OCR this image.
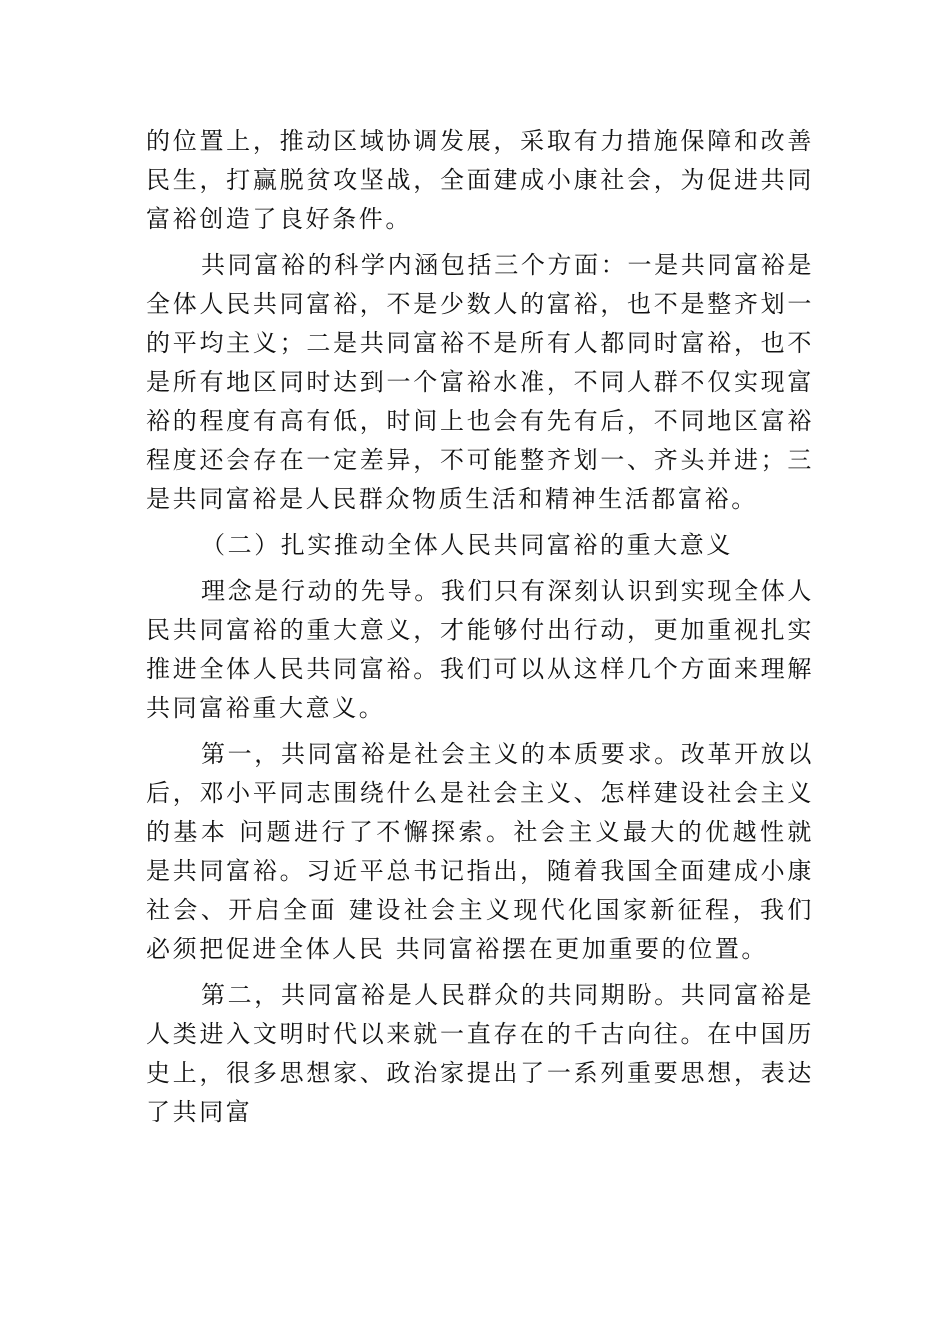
的位置上，推动区域协调发展，采取有力措施保障和改善民生，打赢脱贫攻坚战，全面建成小康社会，为促进共同富裕创造了良好条件。

共同富裕的科学内涵包括三个方面：一是共同富裕是全体人民共同富裕，不是少数人的富裕，也不是整齐划一的平均主义；二是共同富裕不是所有人都同时富裕，也不是所有地区同时达到一个富裕水准，不同人群不仅实现富裕的程度有高有低，时间上也会有先有后，不同地区富裕程度还会存在一定差异，不可能整齐划一、齐头并进；三是共同富裕是人民群众物质生活和精神生活都富裕。

（二）扎实推动全体人民共同富裕的重大意义

理念是行动的先导。我们只有深刻认识到实现全体人民共同富裕的重大意义，才能够付出行动，更加重视扎实推进全体人民共同富裕。我们可以从这样几个方面来理解共同富裕重大意义。

第一，共同富裕是社会主义的本质要求。改革开放以后，邓小平同志围绕什么是社会主义、怎样建设社会主义的基本 问题进行了不懈探索。社会主义最大的优越性就是共同富裕。习近平总书记指出，随着我国全面建成小康社会、开启全面 建设社会主义现代化国家新征程，我们必须把促进全体人民 共同富裕摆在更加重要的位置。

第二，共同富裕是人民群众的共同期盼。共同富裕是人类进入文明时代以来就一直存在的千古向往。在中国历史上，很多思想家、政治家提出了一系列重要思想，表达了共同富
